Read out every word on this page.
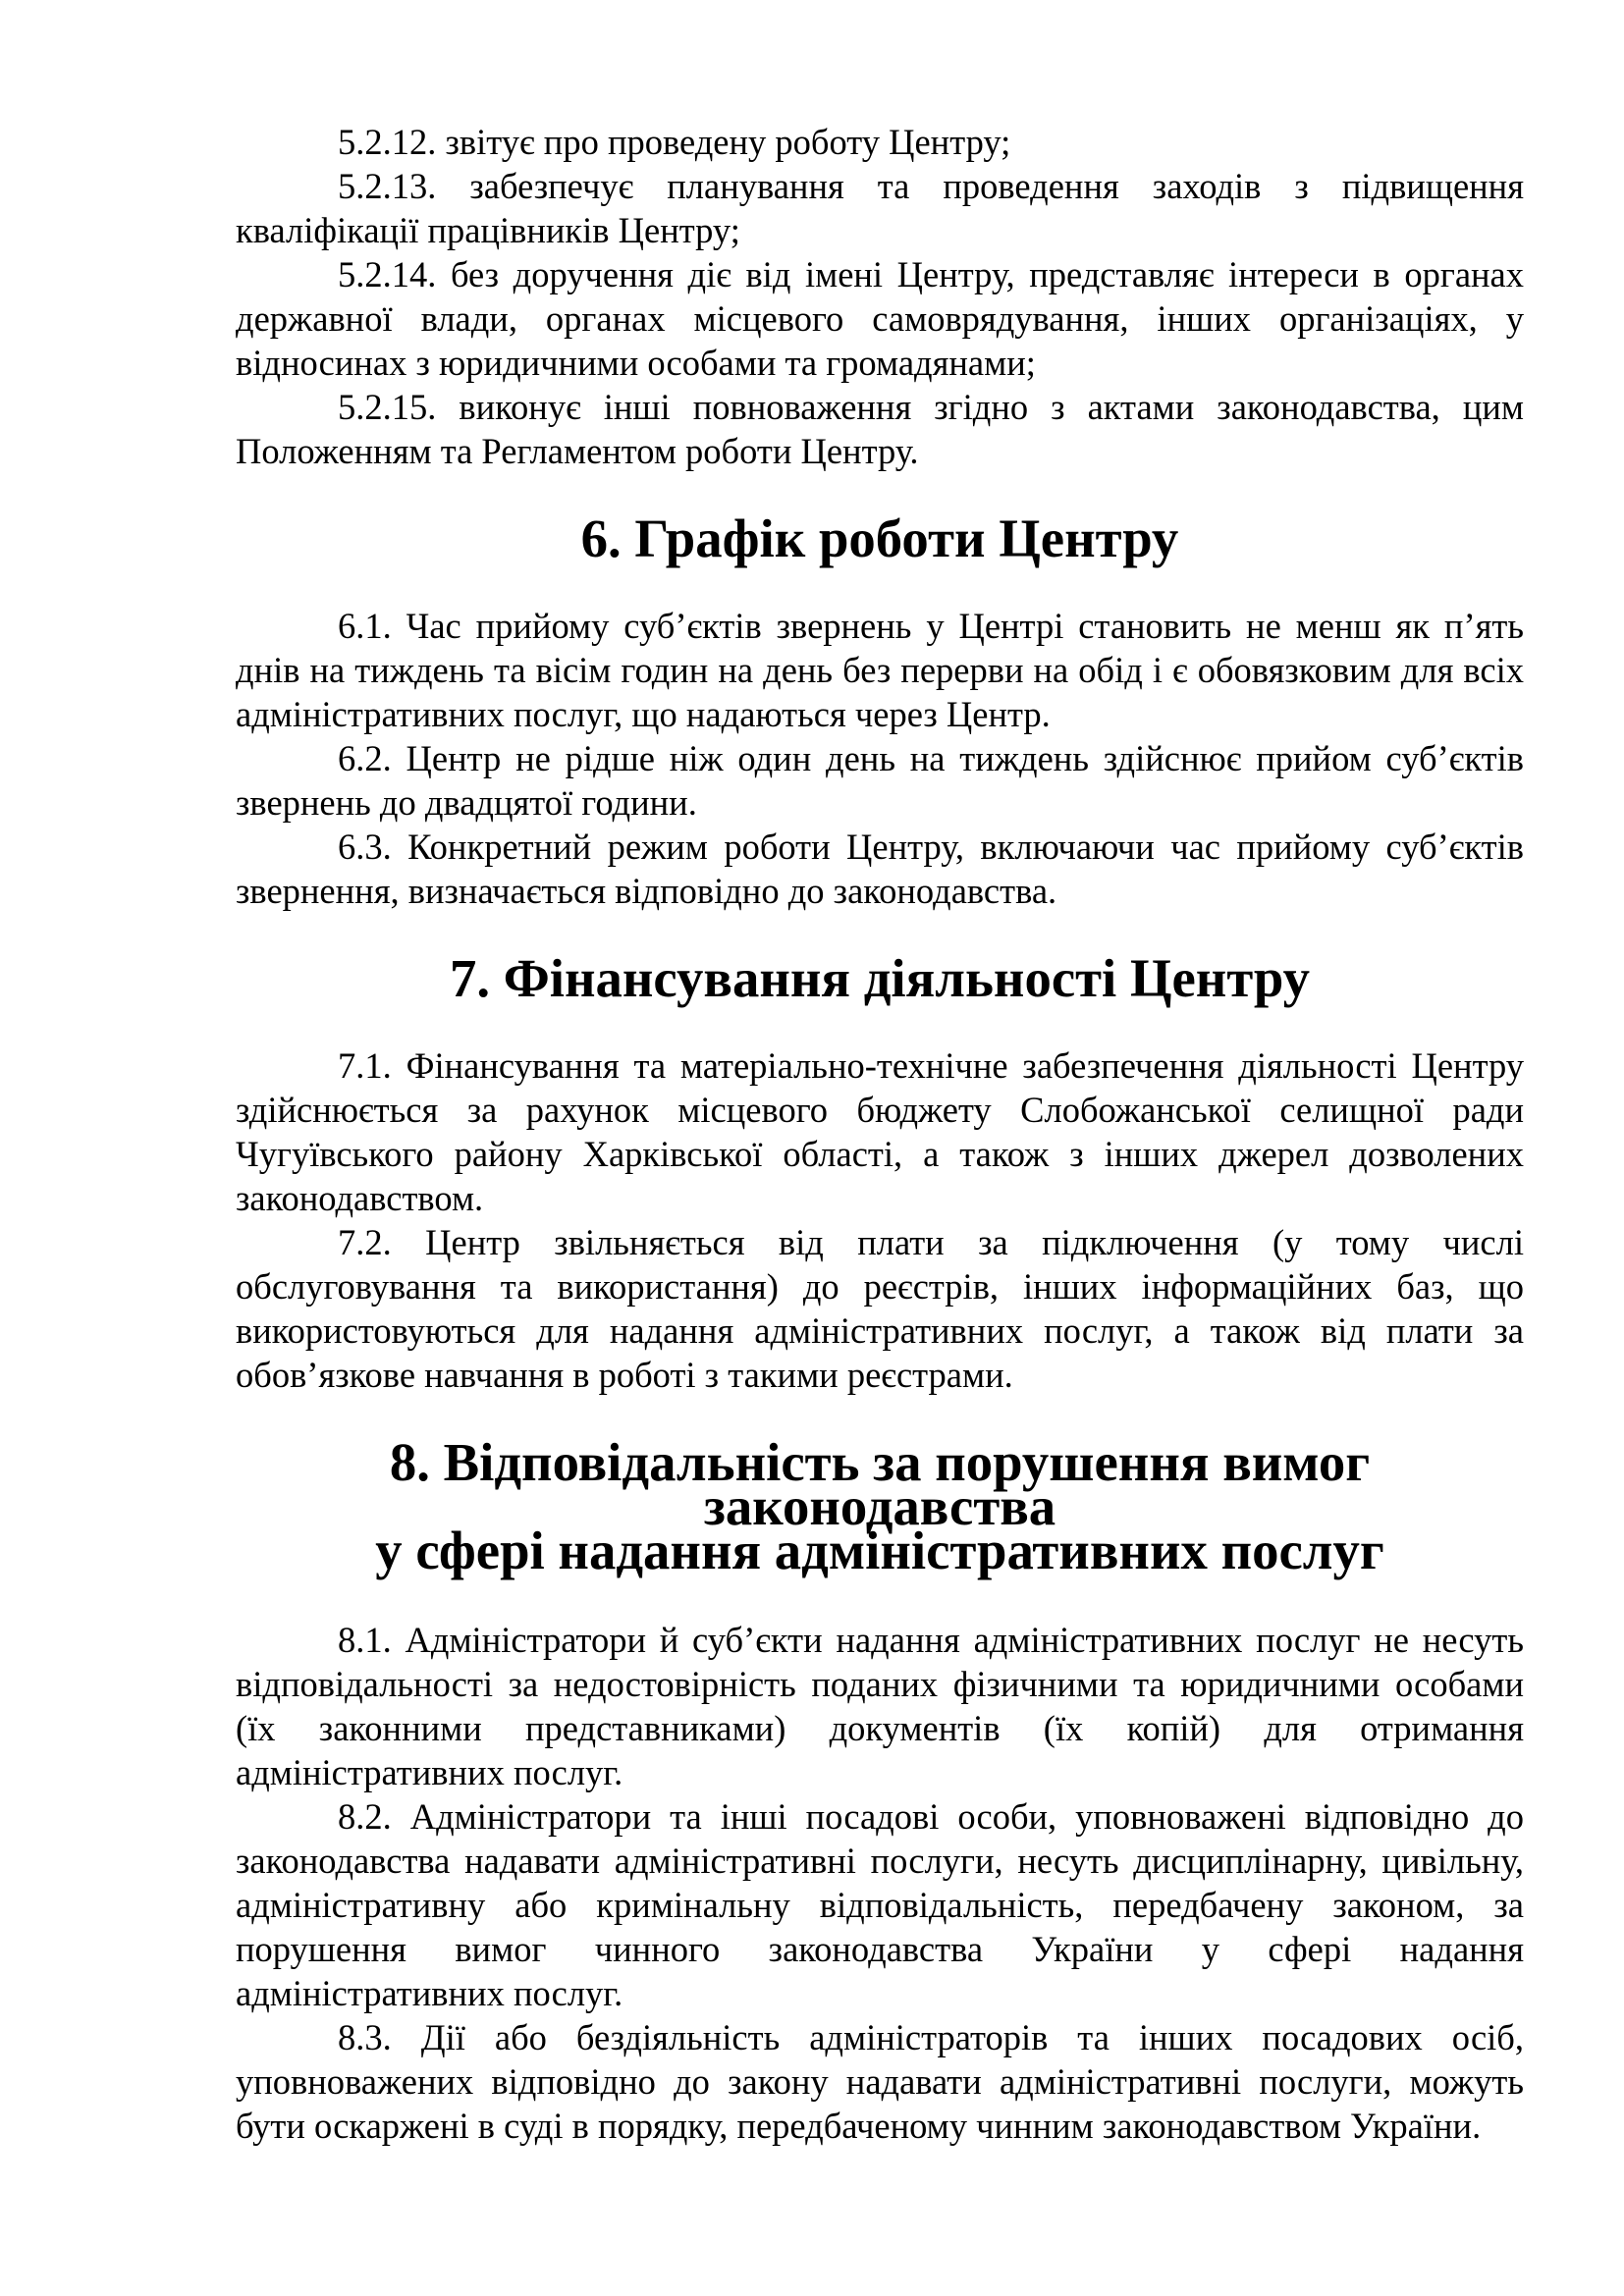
5.2.12. звітує про проведену роботу Центру;

5.2.13. забезпечує планування та проведення заходів з підвищення кваліфікації працівників Центру;

5.2.14. без доручення діє від імені Центру, представляє інтереси в органах державної влади, органах місцевого самоврядування, інших організаціях, у відносинах з юридичними особами та громадянами;

5.2.15. виконує інші повноваження згідно з актами законодавства, цим Положенням та Регламентом роботи Центру.

6. Графік роботи Центру

6.1. Час прийому суб’єктів звернень у Центрі становить не менш як п’ять днів на тиждень та вісім годин на день без перерви на обід і є обовязковим для всіх адміністративних послуг, що надаються через Центр.

6.2. Центр не рідше ніж один день на тиждень здійснює прийом суб’єктів звернень до двадцятої години.

6.3. Конкретний режим роботи Центру, включаючи час прийому суб’єктів звернення, визначається відповідно до законодавства.

7. Фінансування діяльності Центру

7.1. Фінансування та матеріально-технічне забезпечення діяльності Центру здійснюється за рахунок місцевого бюджету Слобожанської селищної ради Чугуївського району Харківської області, а також з інших джерел дозволених законодавством.

7.2. Центр звільняється від плати за підключення (у тому числі обслуговування та використання) до реєстрів, інших інформаційних баз, що використовуються для надання адміністративних послуг, а також від плати за обов’язкове навчання в роботі з такими реєстрами.

8. Відповідальність за порушення вимог законодавства
у сфері надання адміністративних послуг

8.1. Адміністратори й суб’єкти надання адміністративних послуг не несуть відповідальності за недостовірність поданих фізичними та юридичними особами (їх законними представниками) документів (їх копій) для отримання адміністративних послуг.

8.2. Адміністратори та інші посадові особи, уповноважені відповідно до законодавства надавати адміністративні послуги, несуть дисциплінарну, цивільну, адміністративну або кримінальну відповідальність, передбачену законом, за порушення вимог чинного законодавства України у сфері надання адміністративних послуг.

8.3. Дії або бездіяльність адміністраторів та інших посадових осіб, уповноважених відповідно до закону надавати адміністративні послуги, можуть бути оскаржені в суді в порядку, передбаченому чинним законодавством України.
